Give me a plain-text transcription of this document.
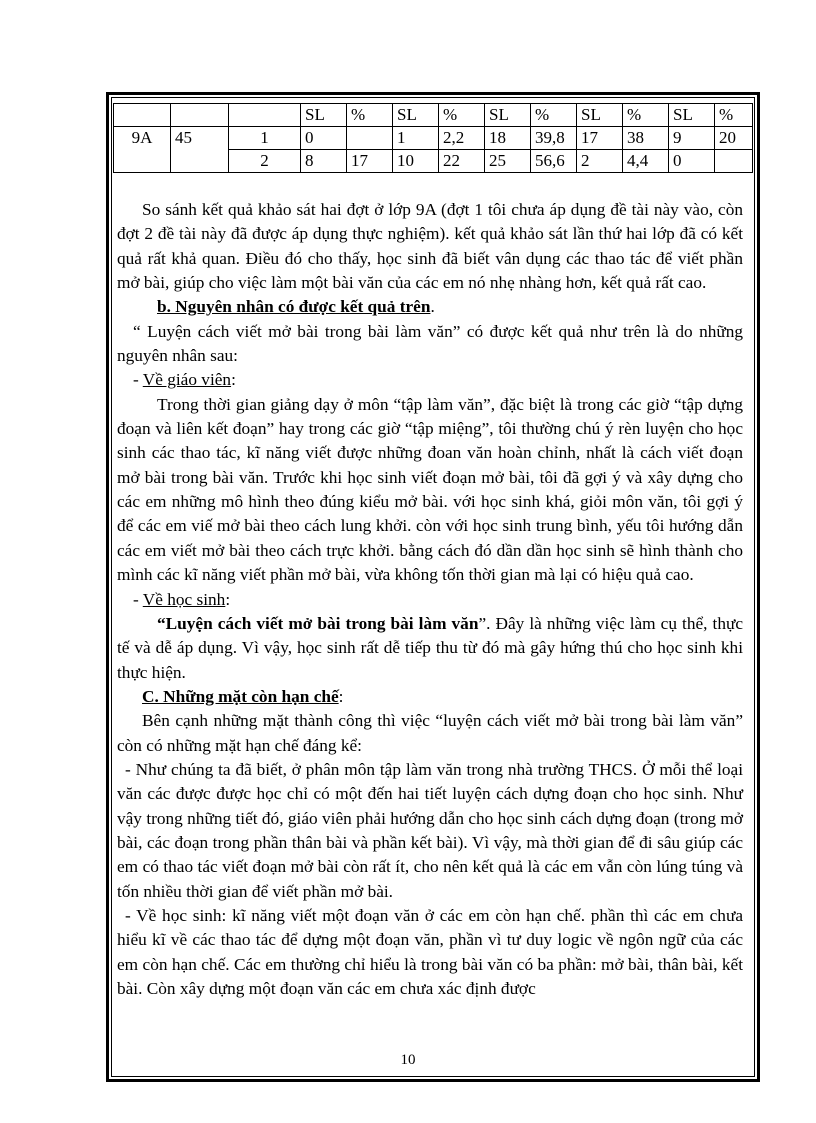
			SL	%	SL	%	SL	%	SL	%	SL	%
9A	45	1	0		1	2,2	18	39,8	17	38	9	20
		2	8	17	10	22	25	56,6	2	4,4	0	

So sánh kết quả khảo sát hai đợt ở lớp 9A (đợt 1 tôi chưa áp dụng đề tài này vào, còn đợt 2 đề tài này đã được áp dụng thực nghiệm). kết quả khảo sát lần thứ hai lớp đã có kết quả rất khả quan. Điều đó cho thấy, học sinh đã biết vân dụng các thao tác để viết phần mở bài, giúp cho việc làm một bài văn của các em nó nhẹ nhàng hơn, kết quả rất cao.

b. Nguyên nhân có được kết quả trên.

“ Luyện cách viết mở bài trong bài làm văn” có được kết quả như trên là do những nguyên nhân sau:

- Về giáo viên:

Trong thời gian giảng dạy ở môn “tập làm văn”, đặc biệt là trong các giờ “tập dựng đoạn và liên kết đoạn” hay trong các giờ “tập miệng”, tôi thường chú ý rèn luyện cho học sinh các thao tác, kĩ năng viết được những đoan văn hoàn chỉnh, nhất là cách viết đoạn mở bài trong bài văn. Trước khi học sinh viết đoạn mở bài, tôi đã gợi ý và xây dựng cho các em những mô hình theo đúng kiểu mở bài. với học sinh khá, giỏi môn văn, tôi gợi ý để các em viế mở bài theo cách lung khởi. còn với học sinh trung bình, yếu tôi hướng dẫn các em viết mở bài theo cách trực khởi. bằng cách đó dần dần học sinh sẽ hình thành cho mình các kĩ năng viết phần mở bài, vừa không tốn thời gian mà lại có hiệu quả cao.

- Về học sinh:

“Luyện cách viết mở bài trong bài làm văn”. Đây là những việc làm cụ thể, thực tế và dễ áp dụng. Vì vậy, học sinh rất dễ tiếp thu từ đó mà gây hứng thú cho học sinh khi thực hiện.

C. Những mặt còn hạn chế:

Bên cạnh những mặt thành công thì việc “luyện cách viết mở bài trong bài làm văn” còn có những mặt hạn chế đáng kể:

- Như chúng ta đã biết, ở phân môn tập làm văn trong nhà trường THCS. Ở mỗi thể loại văn các được được học chỉ có một đến hai tiết luyện cách dựng đoạn cho học sinh. Như vậy trong những tiết đó, giáo viên phải hướng dẫn cho học sinh cách dựng đoạn (trong mở bài, các đoạn trong phần thân bài và phần kết bài). Vì vậy, mà thời gian để đi sâu giúp các em có thao tác viết đoạn mở bài còn rất ít, cho nên kết quả là các em vẫn còn lúng túng và tốn nhiều thời gian để viết phần mở bài.

- Về học sinh: kĩ năng viết một đoạn văn ở các em còn hạn chế. phần thì các em chưa hiểu kĩ về các thao tác để dựng một đoạn văn, phần vì tư duy logic về ngôn ngữ của các em còn hạn chế. Các em thường chỉ hiểu là trong bài văn có ba phần: mở bài, thân bài, kết bài. Còn xây dựng một đoạn văn các em chưa xác định được

10
